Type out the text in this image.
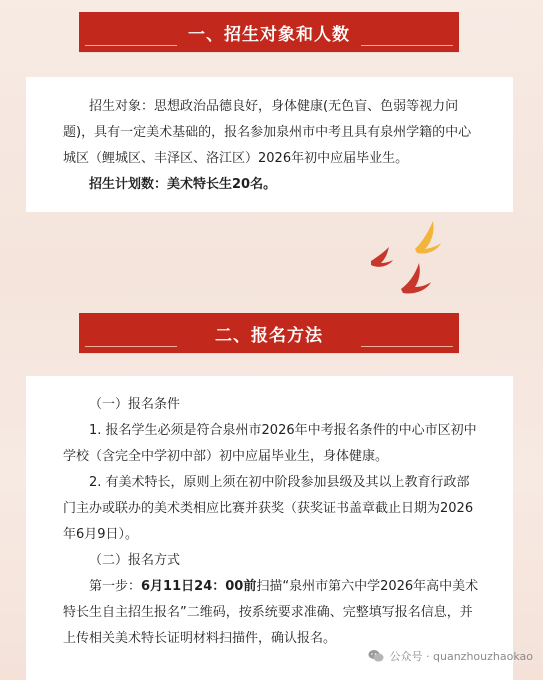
一、招生对象和人数

招生对象：思想政治品德良好，身体健康(无色盲、色弱等视力问题)，具有一定美术基础的，报名参加泉州市中考且具有泉州学籍的中心城区（鲤城区、丰泽区、洛江区）2026年初中应届毕业生。

招生计划数：美术特长生20名。

二、报名方法

（一）报名条件

1. 报名学生必须是符合泉州市2026年中考报名条件的中心市区初中学校（含完全中学初中部）初中应届毕业生，身体健康。

2. 有美术特长，原则上须在初中阶段参加县级及其以上教育行政部门主办或联办的美术类相应比赛并获奖（获奖证书盖章截止日期为2026年6月9日）。

（二）报名方式

第一步：6月11日24：00前扫描“泉州市第六中学2026年高中美术特长生自主招生报名”二维码，按系统要求准确、完整填写报名信息，并上传相关美术特长证明材料扫描件，确认报名。

公众号 · quanzhouzhaokao
